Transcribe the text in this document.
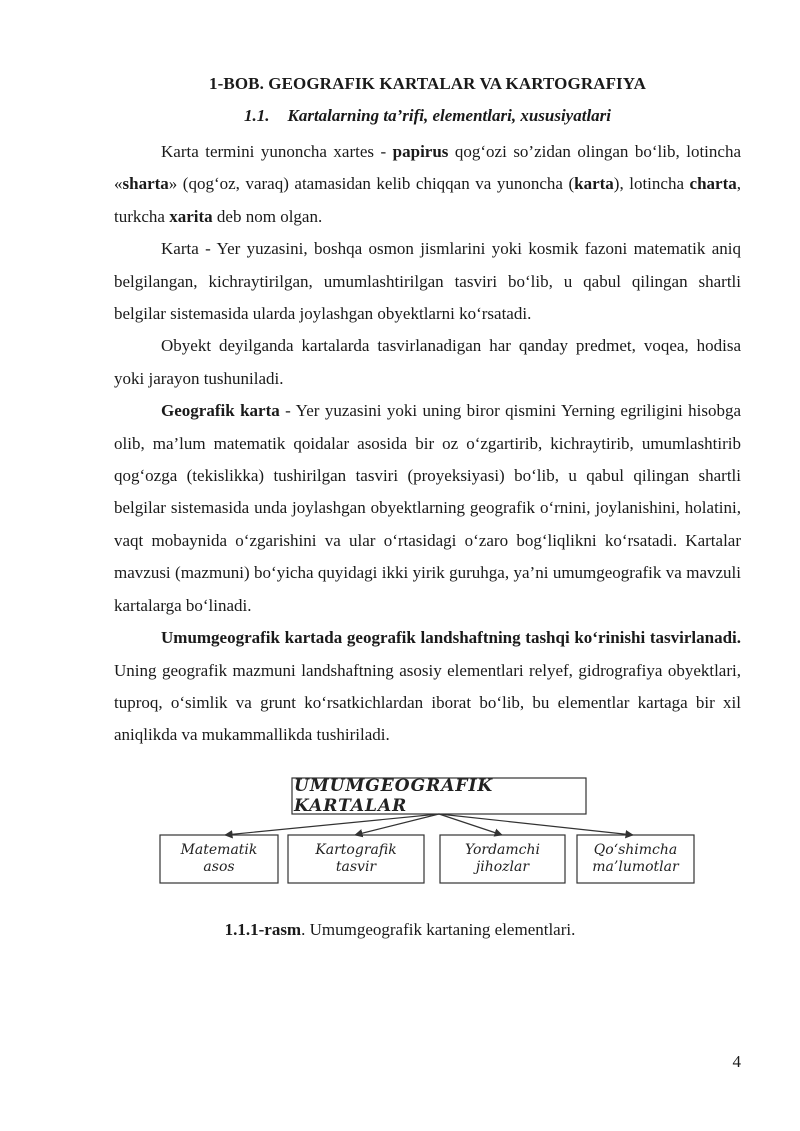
1-BOB. GEOGRAFIK KARTALAR VA KARTOGRAFIYA
1.1. Kartalarning ta’rifi, elementlari, xususiyatlari

Karta termini yunoncha xartes - papirus qog‘ozi so’zidan olingan bo‘lib, lotincha «sharta» (qog‘oz, varaq) atamasidan kelib chiqqan va yunoncha (karta), lotincha charta, turkcha xarita deb nom olgan.

Karta - Yer yuzasini, boshqa osmon jismlarini yoki kosmik fazoni matematik aniq belgilangan, kichraytirilgan, umumlashtirilgan tasviri bo‘lib, u qabul qilingan shartli belgilar sistemasida ularda joylashgan obyektlarni ko‘rsatadi.

Obyekt deyilganda kartalarda tasvirlanadigan har qanday predmet, voqea, hodisa yoki jarayon tushuniladi.

Geografik karta - Yer yuzasini yoki uning biror qismini Yerning egriligini hisobga olib, ma’lum matematik qoidalar asosida bir oz o‘zgartirib, kichraytirib, umumlashtirib qog‘ozga (tekislikka) tushirilgan tasviri (proyeksiyasi) bo‘lib, u qabul qilingan shartli belgilar sistemasida unda joylashgan obyektlarning geografik o‘rnini, joylanishini, holatini, vaqt mobaynida o‘zgarishini va ular o‘rtasidagi o‘zaro bog‘liqlikni ko‘rsatadi. Kartalar mavzusi (mazmuni) bo‘yicha quyidagi ikki yirik guruhga, ya’ni umumgeografik va mavzuli kartalarga bo‘linadi.

Umumgeografik kartada geografik landshaftning tashqi ko‘rinishi tasvirlanadi. Uning geografik mazmuni landshaftning asosiy elementlari relyef, gidrografiya obyektlari, tuproq, o‘simlik va grunt ko‘rsatkichlardan iborat bo‘lib, bu elementlar kartaga bir xil aniqlikda va mukammallikda tushiriladi.

UMUMGEOGRAFIK KARTALAR
Matematik
asos
Kartografik
tasvir
Yordamchi
jihozlar
Qo‘shimcha
ma’lumotlar
1.1.1-rasm. Umumgeografik kartaning elementlari.
4
